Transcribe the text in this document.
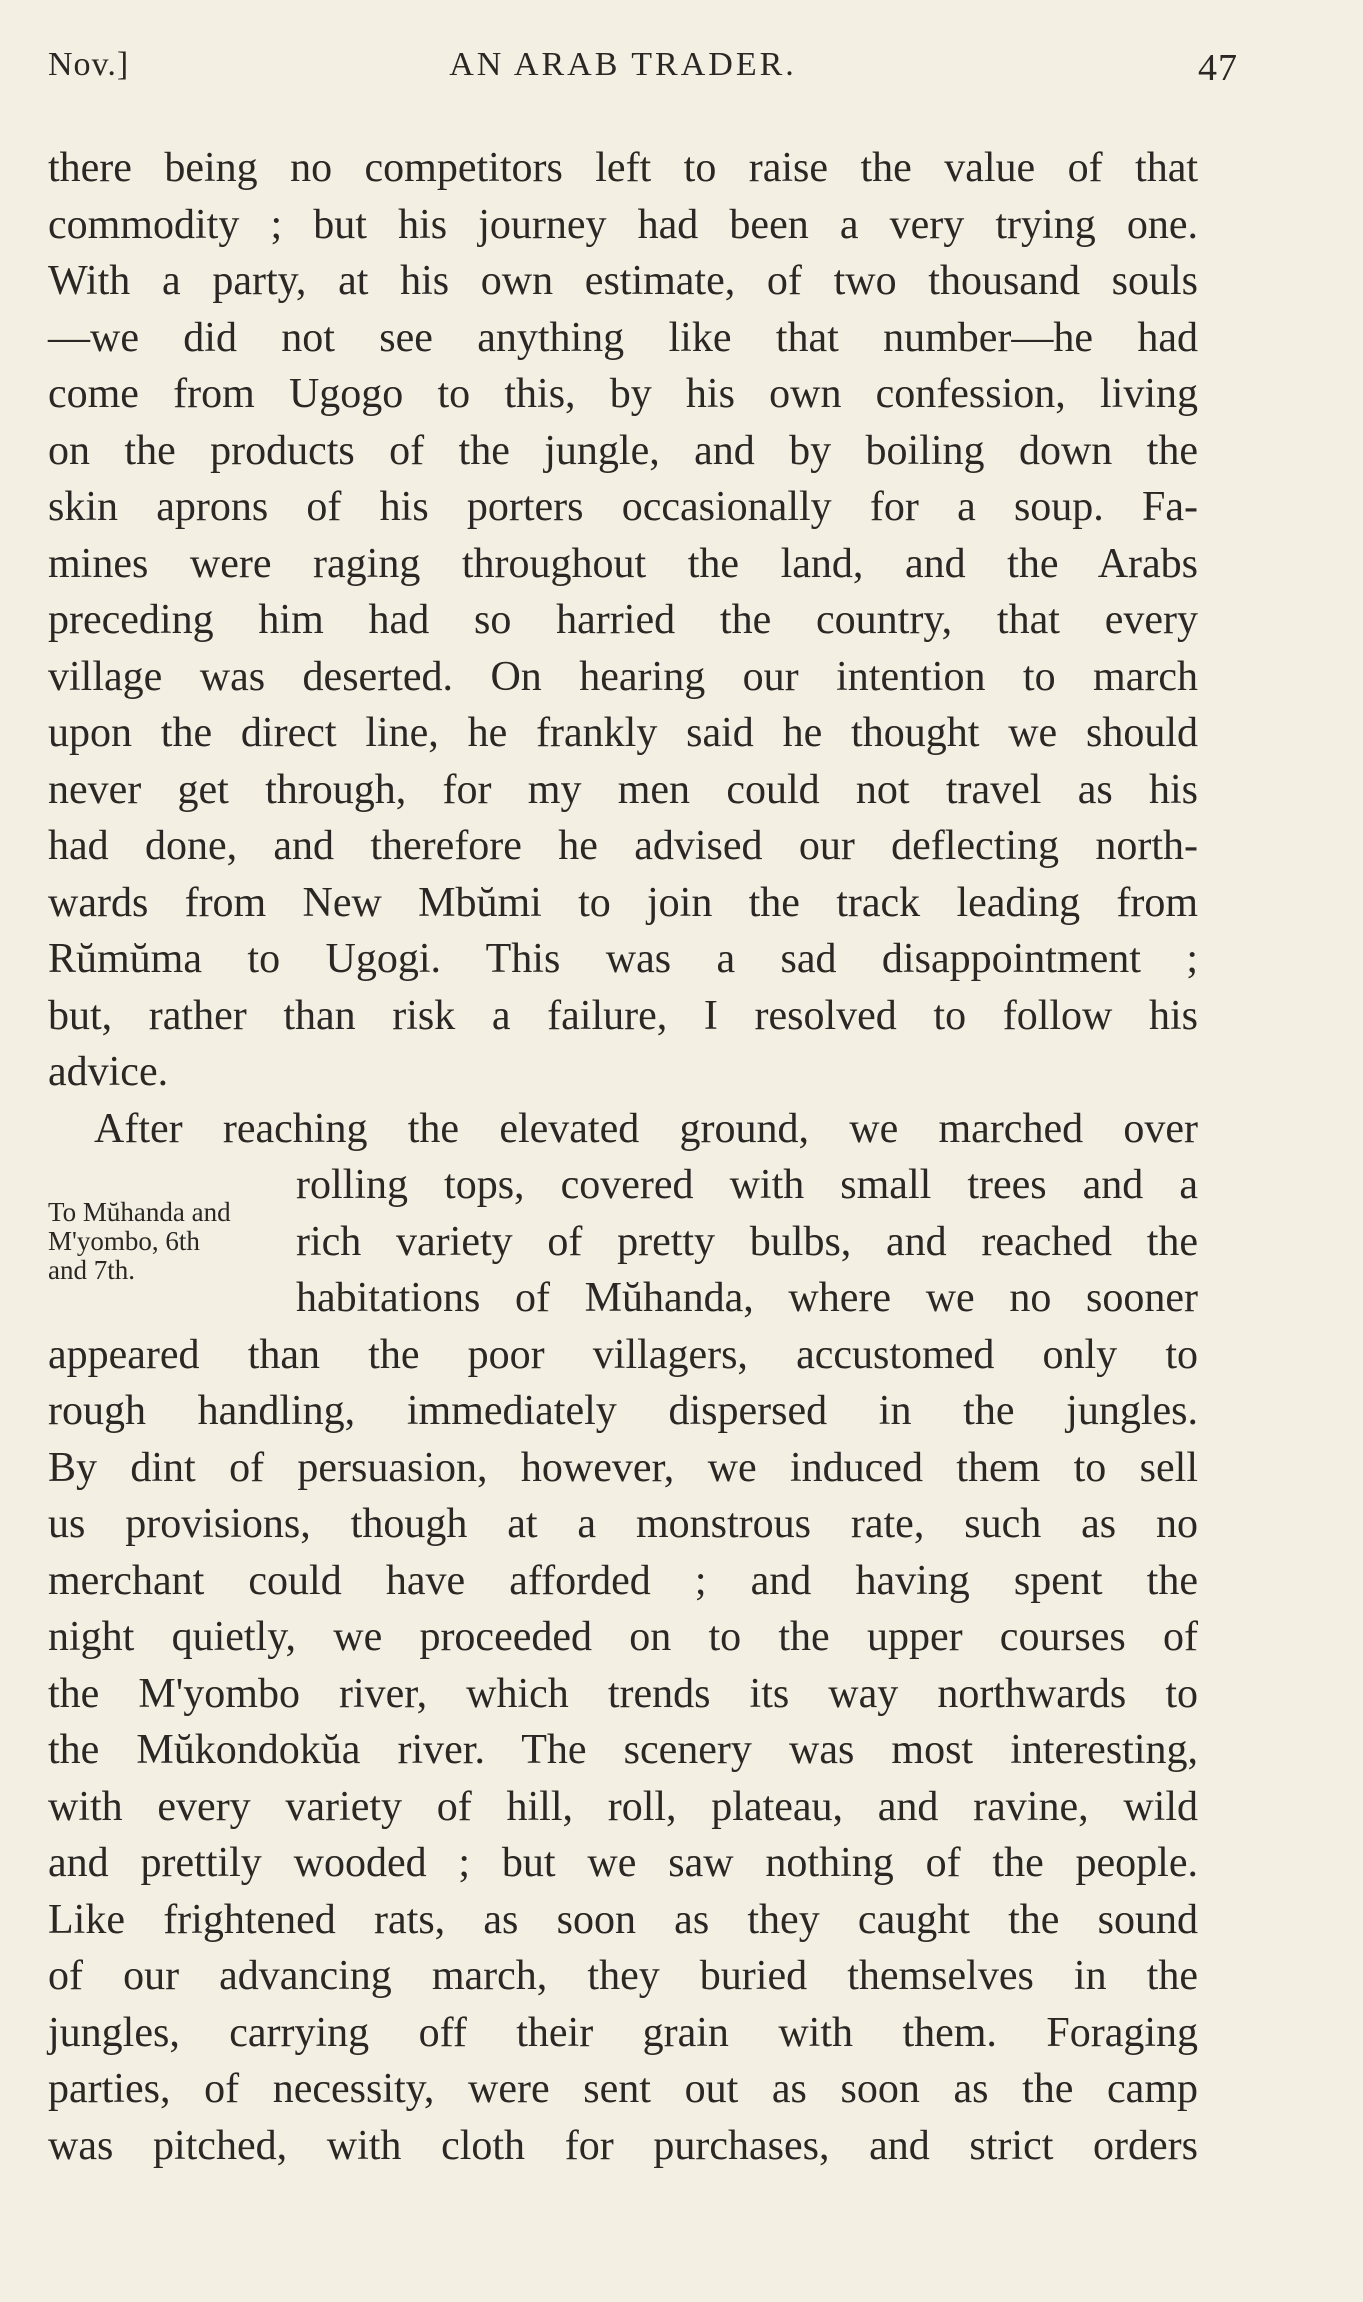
Nov.]	AN ARAB TRADER.	47
there being no competitors left to raise the value of that
commodity ; but his journey had been a very trying one.
With a party, at his own estimate, of two thousand souls
—we did not see anything like that number—he had
come from Ugogo to this, by his own confession, living
on the products of the jungle, and by boiling down the
skin aprons of his porters occasionally for a soup. Fa-
mines were raging throughout the land, and the Arabs
preceding him had so harried the country, that every
village was deserted. On hearing our intention to march
upon the direct line, he frankly said he thought we should
never get through, for my men could not travel as his
had done, and therefore he advised our deflecting north-
wards from New Mbŭmi to join the track leading from
Rŭmŭma to Ugogi. This was a sad disappointment ;
but, rather than risk a failure, I resolved to follow his
advice.
After reaching the elevated ground, we marched over
rolling tops, covered with small trees and a
rich variety of pretty bulbs, and reached the
habitations of Mŭhanda, where we no sooner
appeared than the poor villagers, accustomed only to
rough handling, immediately dispersed in the jungles.
By dint of persuasion, however, we induced them to sell
us provisions, though at a monstrous rate, such as no
merchant could have afforded ; and having spent the
night quietly, we proceeded on to the upper courses of
the M'yombo river, which trends its way northwards to
the Mŭkondokŭa river. The scenery was most interesting,
with every variety of hill, roll, plateau, and ravine, wild
and prettily wooded ; but we saw nothing of the people.
Like frightened rats, as soon as they caught the sound
of our advancing march, they buried themselves in the
jungles, carrying off their grain with them. Foraging
parties, of necessity, were sent out as soon as the camp
was pitched, with cloth for purchases, and strict orders
To Mŭhanda and
M'yombo, 6th
and 7th.
